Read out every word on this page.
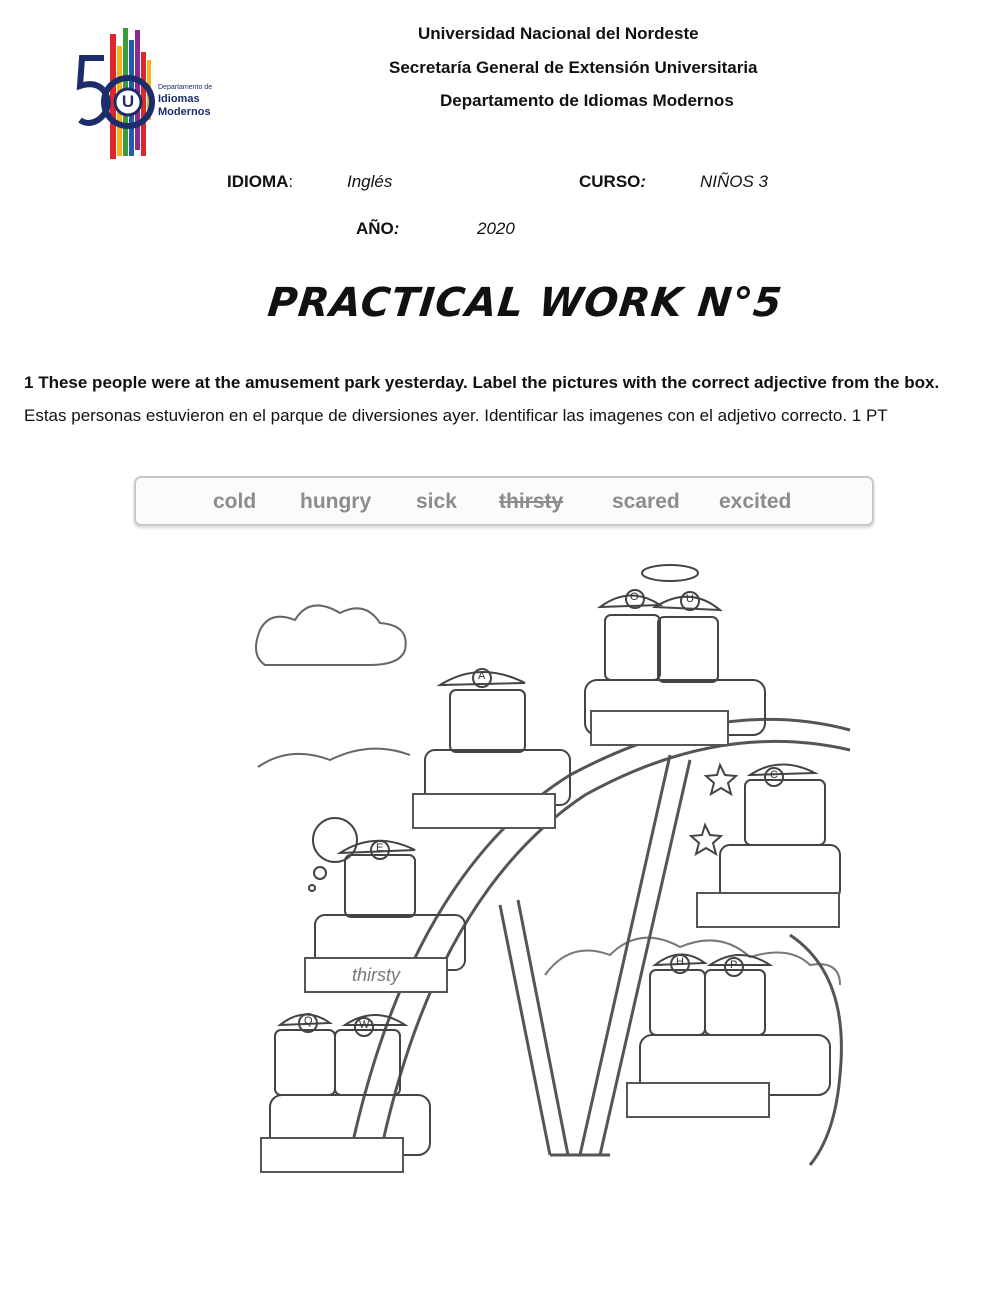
U
Departamento de
Idiomas
Modernos
Universidad Nacional del Nordeste
Secretaría General de Extensión Universitaria
Departamento de Idiomas Modernos
IDIOMA:	Inglés	CURSO:	NIÑOS 3
AÑO:	2020
PRACTICAL WORK N°5
1 These people were at the amusement park yesterday. Label the pictures with the correct adjective from the box. Estas personas estuvieron en el parque de diversiones ayer. Identificar las imagenes con el adjetivo correcto. 1 PT
cold hungry sick thirsty scared excited
O	U
A
C
E
H	P
Q	W
thirsty
